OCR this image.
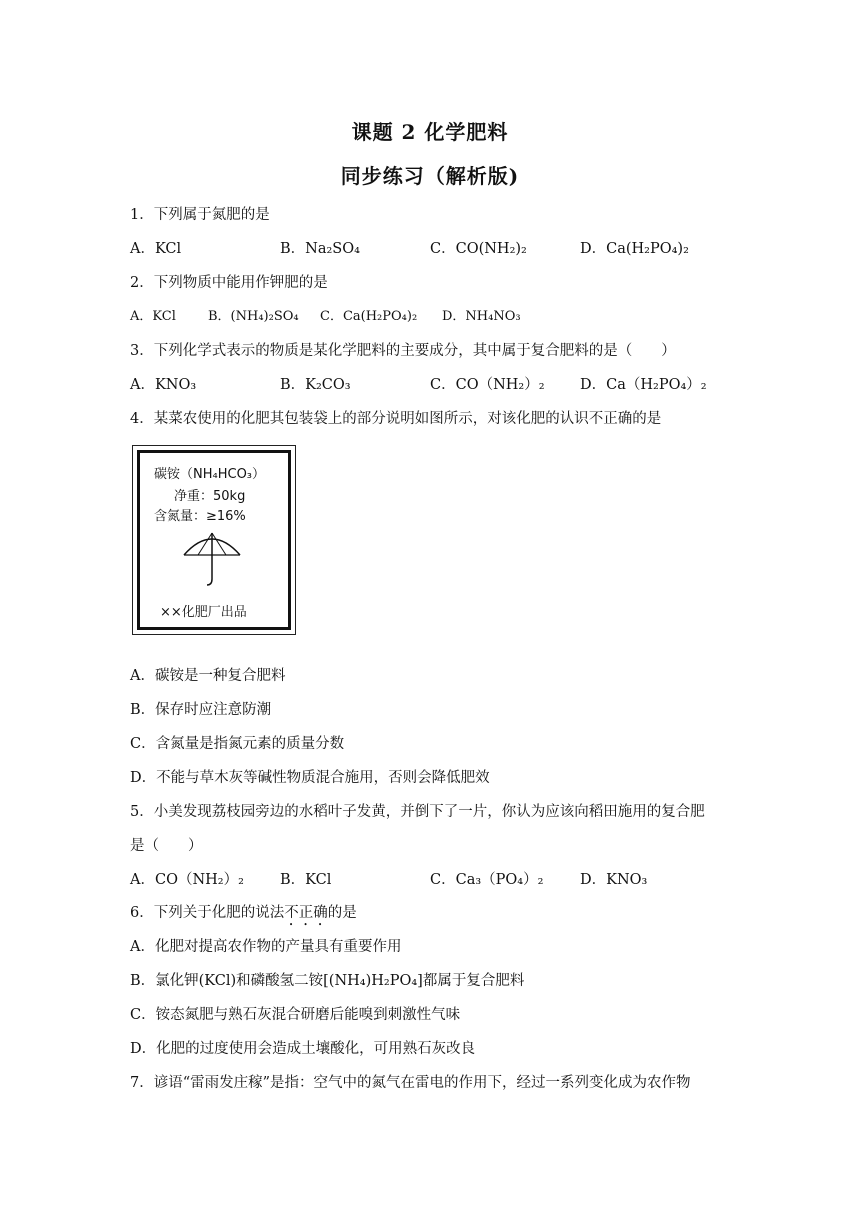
课题 2 化学肥料
同步练习（解析版)
1．下列属于氮肥的是
A．KCl	B．Na₂SO₄	C．CO(NH₂)₂	D．Ca(H₂PO₄)₂
2．下列物质中能用作钾肥的是
A．KCl B．(NH₄)₂SO₄ C．Ca(H₂PO₄)₂ D．NH₄NO₃
3．下列化学式表示的物质是某化学肥料的主要成分，其中属于复合肥料的是（　　）
A．KNO₃	B．K₂CO₃	C．CO（NH₂）₂ D．Ca（H₂PO₄）₂
4．某菜农使用的化肥其包装袋上的部分说明如图所示，对该化肥的认识不正确的是
碳铵（NH₄HCO₃）
净重：50kg
含氮量：≥16%
××化肥厂出品
A．碳铵是一种复合肥料
B．保存时应注意防潮
C．含氮量是指氮元素的质量分数
D．不能与草木灰等碱性物质混合施用，否则会降低肥效
5．小美发现荔枝园旁边的水稻叶子发黄，并倒下了一片，你认为应该向稻田施用的复合肥
是（　　）
A．CO（NH₂）₂ B．KCl	C．Ca₃（PO₄）₂	D．KNO₃
6．下列关于化肥的说法不正确的是
A．化肥对提高农作物的产量具有重要作用
B．氯化钾(KCl)和磷酸氢二铵[(NH₄)H₂PO₄]都属于复合肥料
C．铵态氮肥与熟石灰混合研磨后能嗅到刺激性气味
D．化肥的过度使用会造成土壤酸化，可用熟石灰改良
7．谚语“雷雨发庄稼”是指：空气中的氮气在雷电的作用下，经过一系列变化成为农作物
